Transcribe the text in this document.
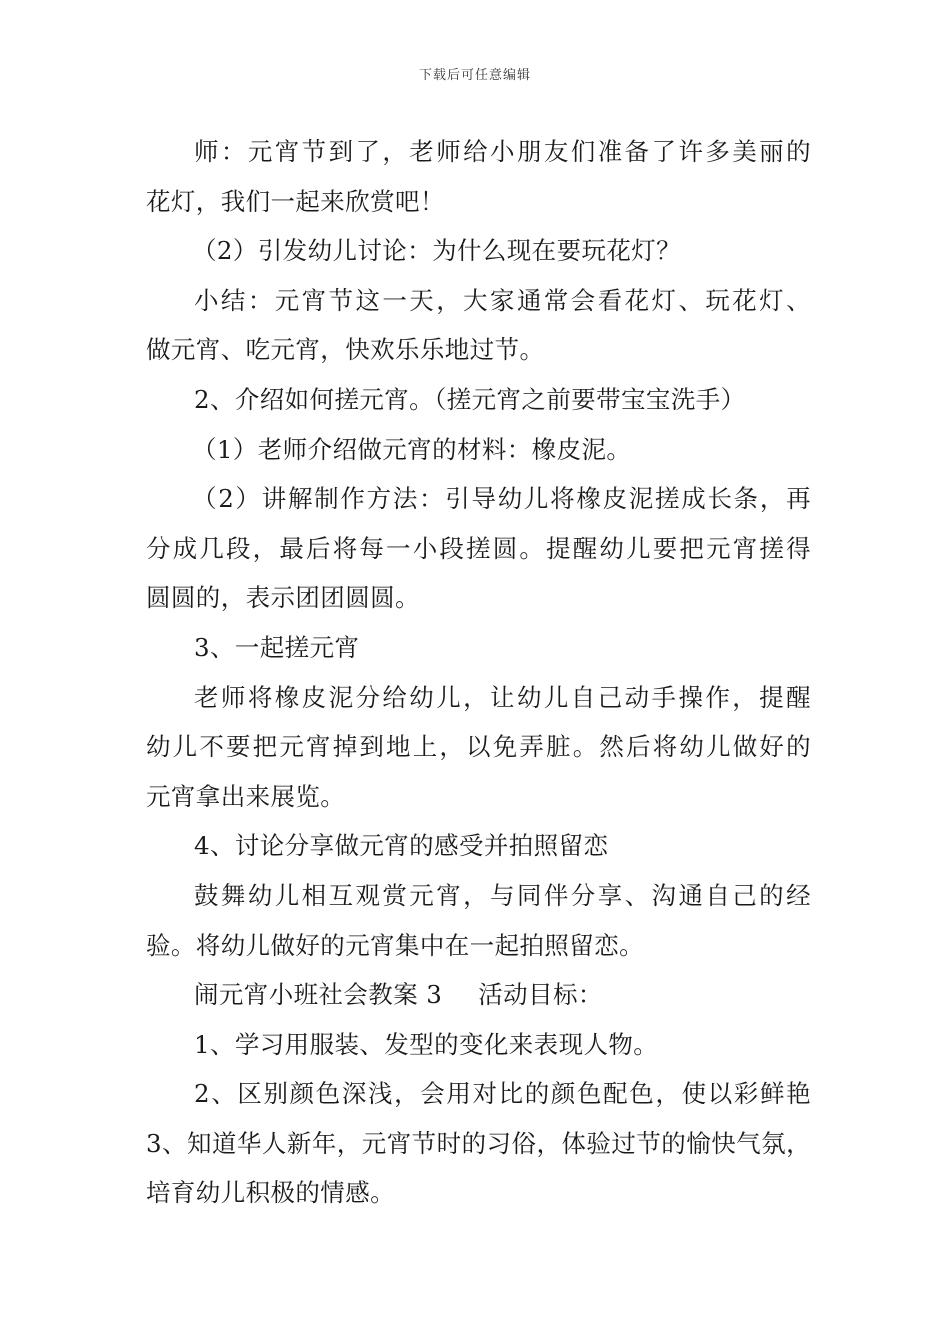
下载后可任意编辑
师：元宵节到了，老师给小朋友们准备了许多美丽的
花灯，我们一起来欣赏吧！
（2）引发幼儿讨论：为什么现在要玩花灯？
小结：元宵节这一天，大家通常会看花灯、玩花灯、
做元宵、吃元宵，快欢乐乐地过节。
2、介绍如何搓元宵。（搓元宵之前要带宝宝洗手）
（1）老师介绍做元宵的材料：橡皮泥。
（2）讲解制作方法：引导幼儿将橡皮泥搓成长条，再
分成几段，最后将每一小段搓圆。提醒幼儿要把元宵搓得
圆圆的，表示团团圆圆。
3、一起搓元宵
老师将橡皮泥分给幼儿，让幼儿自己动手操作，提醒
幼儿不要把元宵掉到地上，以免弄脏。然后将幼儿做好的
元宵拿出来展览。
4、讨论分享做元宵的感受并拍照留恋
鼓舞幼儿相互观赏元宵，与同伴分享、沟通自己的经
验。将幼儿做好的元宵集中在一起拍照留恋。
闹元宵小班社会教案 3 活动目标：
1、学习用服装、发型的变化来表现人物。
2、区别颜色深浅，会用对比的颜色配色，使以彩鲜艳
3、知道华人新年，元宵节时的习俗，体验过节的愉快气氛，
培育幼儿积极的情感。
